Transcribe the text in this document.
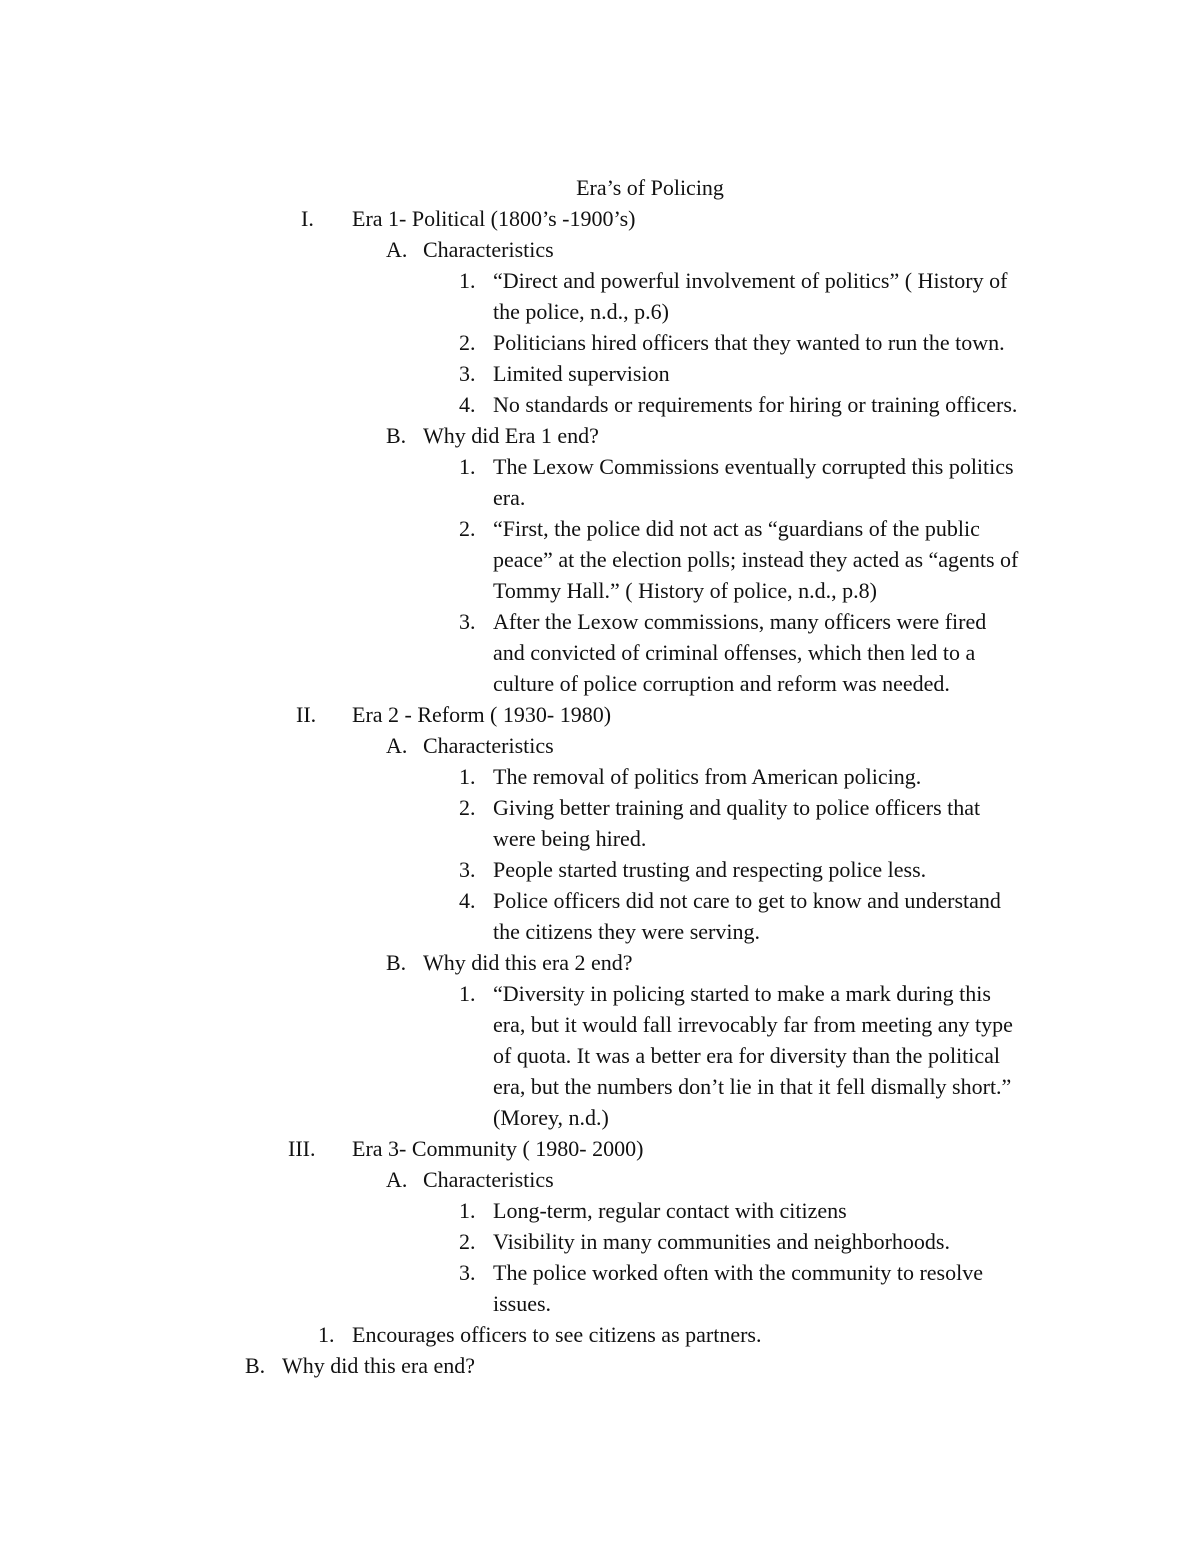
Era’s of Policing
I. Era 1- Political (1800’s -1900’s)
A. Characteristics
1. “Direct and powerful involvement of politics” ( History of
the police, n.d., p.6)
2. Politicians hired officers that they wanted to run the town.
3. Limited supervision
4. No standards or requirements for hiring or training officers.
B. Why did Era 1 end?
1. The Lexow Commissions eventually corrupted this politics
era.
2. “First, the police did not act as “guardians of the public
peace” at the election polls; instead they acted as “agents of
Tommy Hall.” ( History of police, n.d., p.8)
3. After the Lexow commissions, many officers were fired
and convicted of criminal offenses, which then led to a
culture of police corruption and reform was needed.
II. Era 2 - Reform ( 1930- 1980)
A. Characteristics
1. The removal of politics from American policing.
2. Giving better training and quality to police officers that
were being hired.
3. People started trusting and respecting police less.
4. Police officers did not care to get to know and understand
the citizens they were serving.
B. Why did this era 2 end?
1. “Diversity in policing started to make a mark during this
era, but it would fall irrevocably far from meeting any type
of quota. It was a better era for diversity than the political
era, but the numbers don’t lie in that it fell dismally short.”
(Morey, n.d.)
III. Era 3- Community ( 1980- 2000)
A. Characteristics
1. Long-term, regular contact with citizens
2. Visibility in many communities and neighborhoods.
3. The police worked often with the community to resolve
issues.
1. Encourages officers to see citizens as partners.
B. Why did this era end?
